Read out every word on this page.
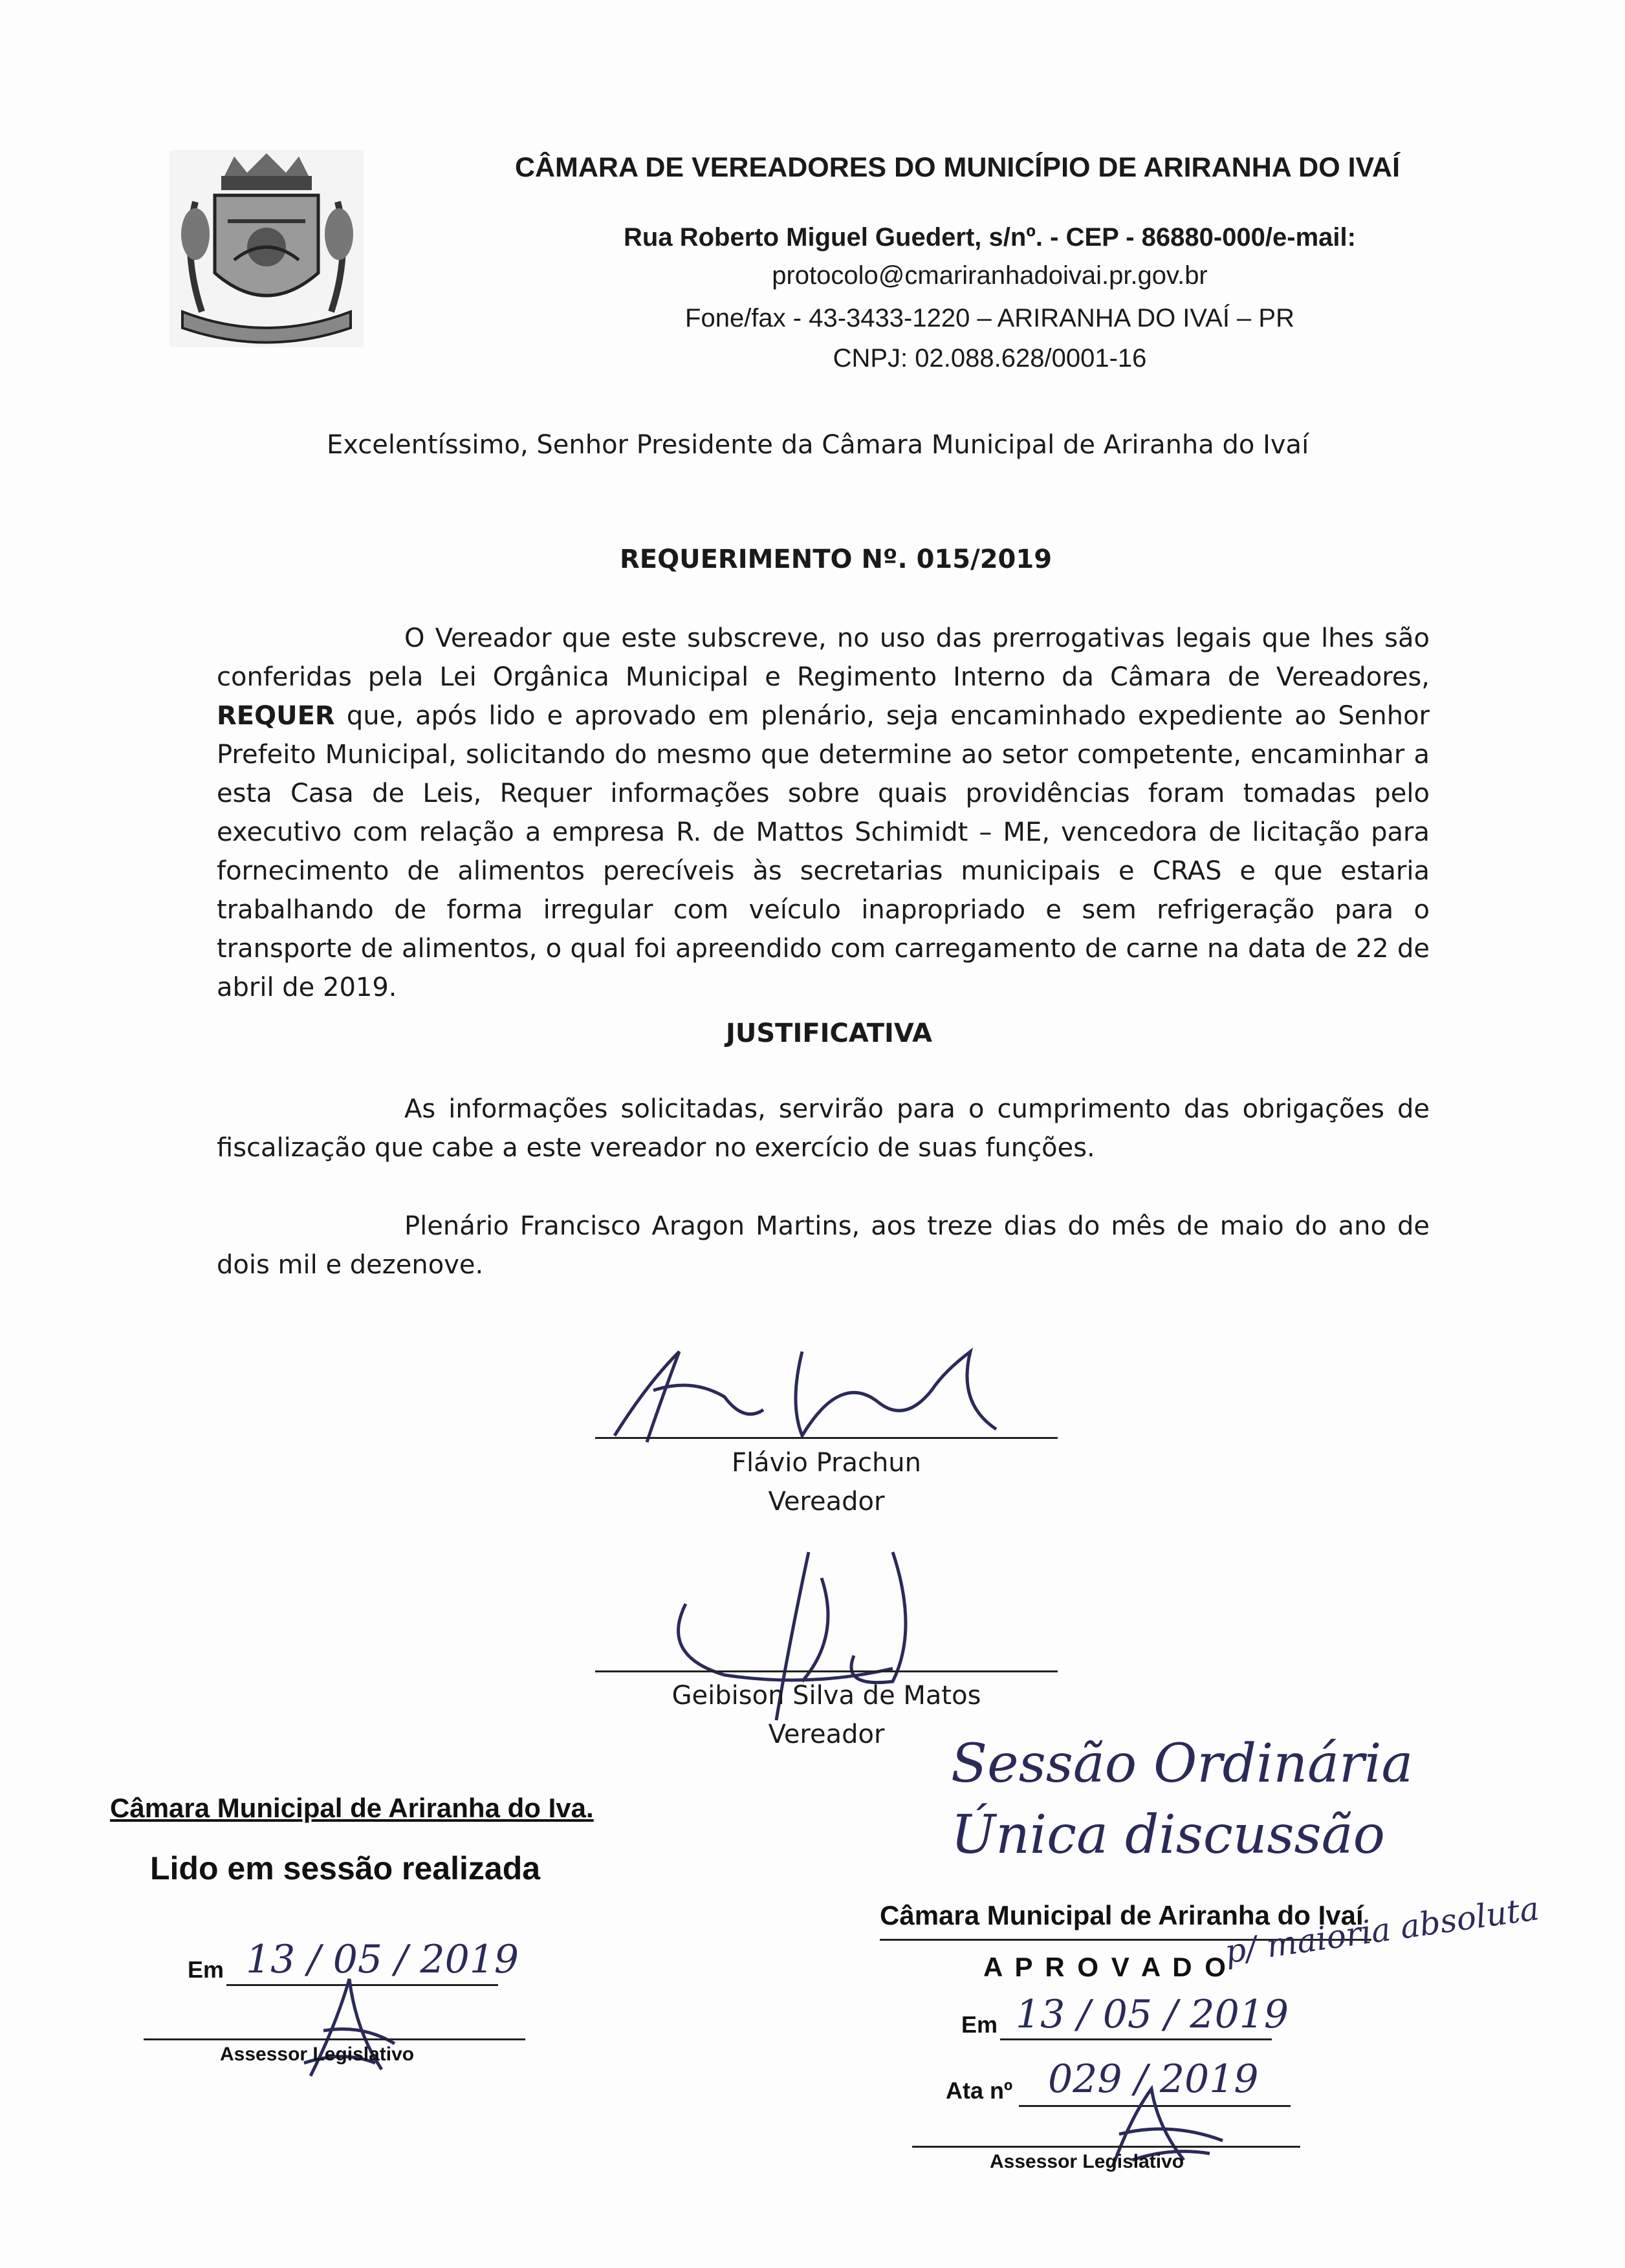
CÂMARA DE VEREADORES DO MUNICÍPIO DE ARIRANHA DO IVAÍ
Rua Roberto Miguel Guedert, s/nº. - CEP - 86880-000/e-mail:
protocolo@cmariranhadoivai.pr.gov.br
Fone/fax - 43-3433-1220 – ARIRANHA DO IVAÍ – PR
CNPJ: 02.088.628/0001-16
Excelentíssimo, Senhor Presidente da Câmara Municipal de Ariranha do Ivaí
REQUERIMENTO Nº. 015/2019
O Vereador que este subscreve, no uso das prerrogativas legais que lhes são conferidas pela Lei Orgânica Municipal e Regimento Interno da Câmara de Vereadores, REQUER que, após lido e aprovado em plenário, seja encaminhado expediente ao Senhor Prefeito Municipal, solicitando do mesmo que determine ao setor competente, encaminhar a esta Casa de Leis, Requer informações sobre quais providências foram tomadas pelo executivo com relação a empresa R. de Mattos Schimidt – ME, vencedora de licitação para fornecimento de alimentos perecíveis às secretarias municipais e CRAS e que estaria trabalhando de forma irregular com veículo inapropriado e sem refrigeração para o transporte de alimentos, o qual foi apreendido com carregamento de carne na data de 22 de abril de 2019.
JUSTIFICATIVA
As informações solicitadas, servirão para o cumprimento das obrigações de fiscalização que cabe a este vereador no exercício de suas funções.
Plenário Francisco Aragon Martins, aos treze dias do mês de maio do ano de dois mil e dezenove.
Flávio Prachun
Vereador
Geibison Silva de Matos
Vereador
Câmara Municipal de Ariranha do Iva.
Lido em sessão realizada
Em 13 / 05 / 2019
Assessor Legislativo
Sessão Ordinária
Única discussão
Câmara Municipal de Ariranha do Ivaí
A P R O V A D O
p/ maioria absoluta
Em 13 / 05 / 2019
Ata nº 029 / 2019
Assessor Legislativo
